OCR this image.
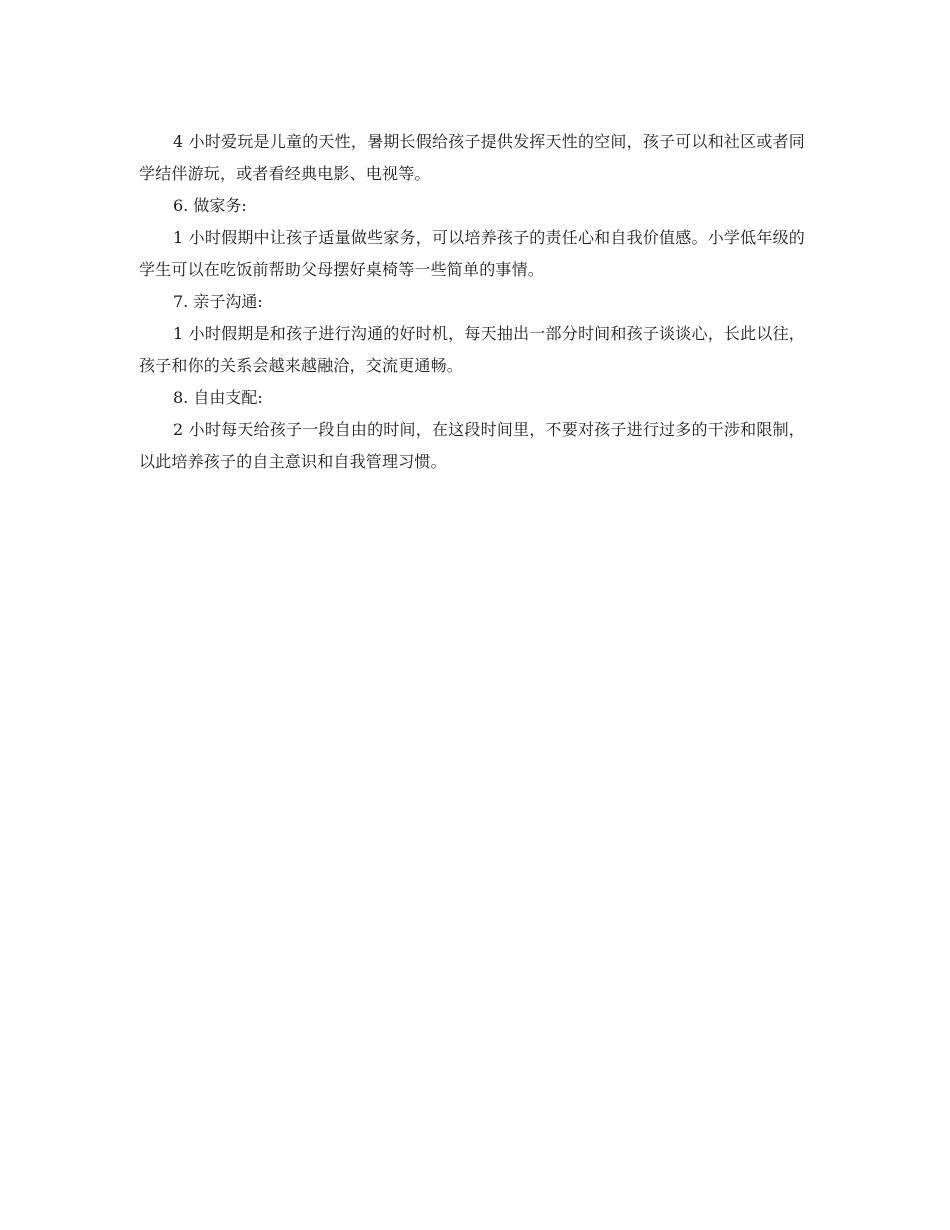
4 小时爱玩是儿童的天性，暑期长假给孩子提供发挥天性的空间，孩子可以和社区或者同学结伴游玩，或者看经典电影、电视等。

6. 做家务:

1 小时假期中让孩子适量做些家务，可以培养孩子的责任心和自我价值感。小学低年级的学生可以在吃饭前帮助父母摆好桌椅等一些简单的事情。

7. 亲子沟通:

1 小时假期是和孩子进行沟通的好时机，每天抽出一部分时间和孩子谈谈心，长此以往，孩子和你的关系会越来越融洽，交流更通畅。

8. 自由支配:

2 小时每天给孩子一段自由的时间，在这段时间里，不要对孩子进行过多的干涉和限制，以此培养孩子的自主意识和自我管理习惯。
